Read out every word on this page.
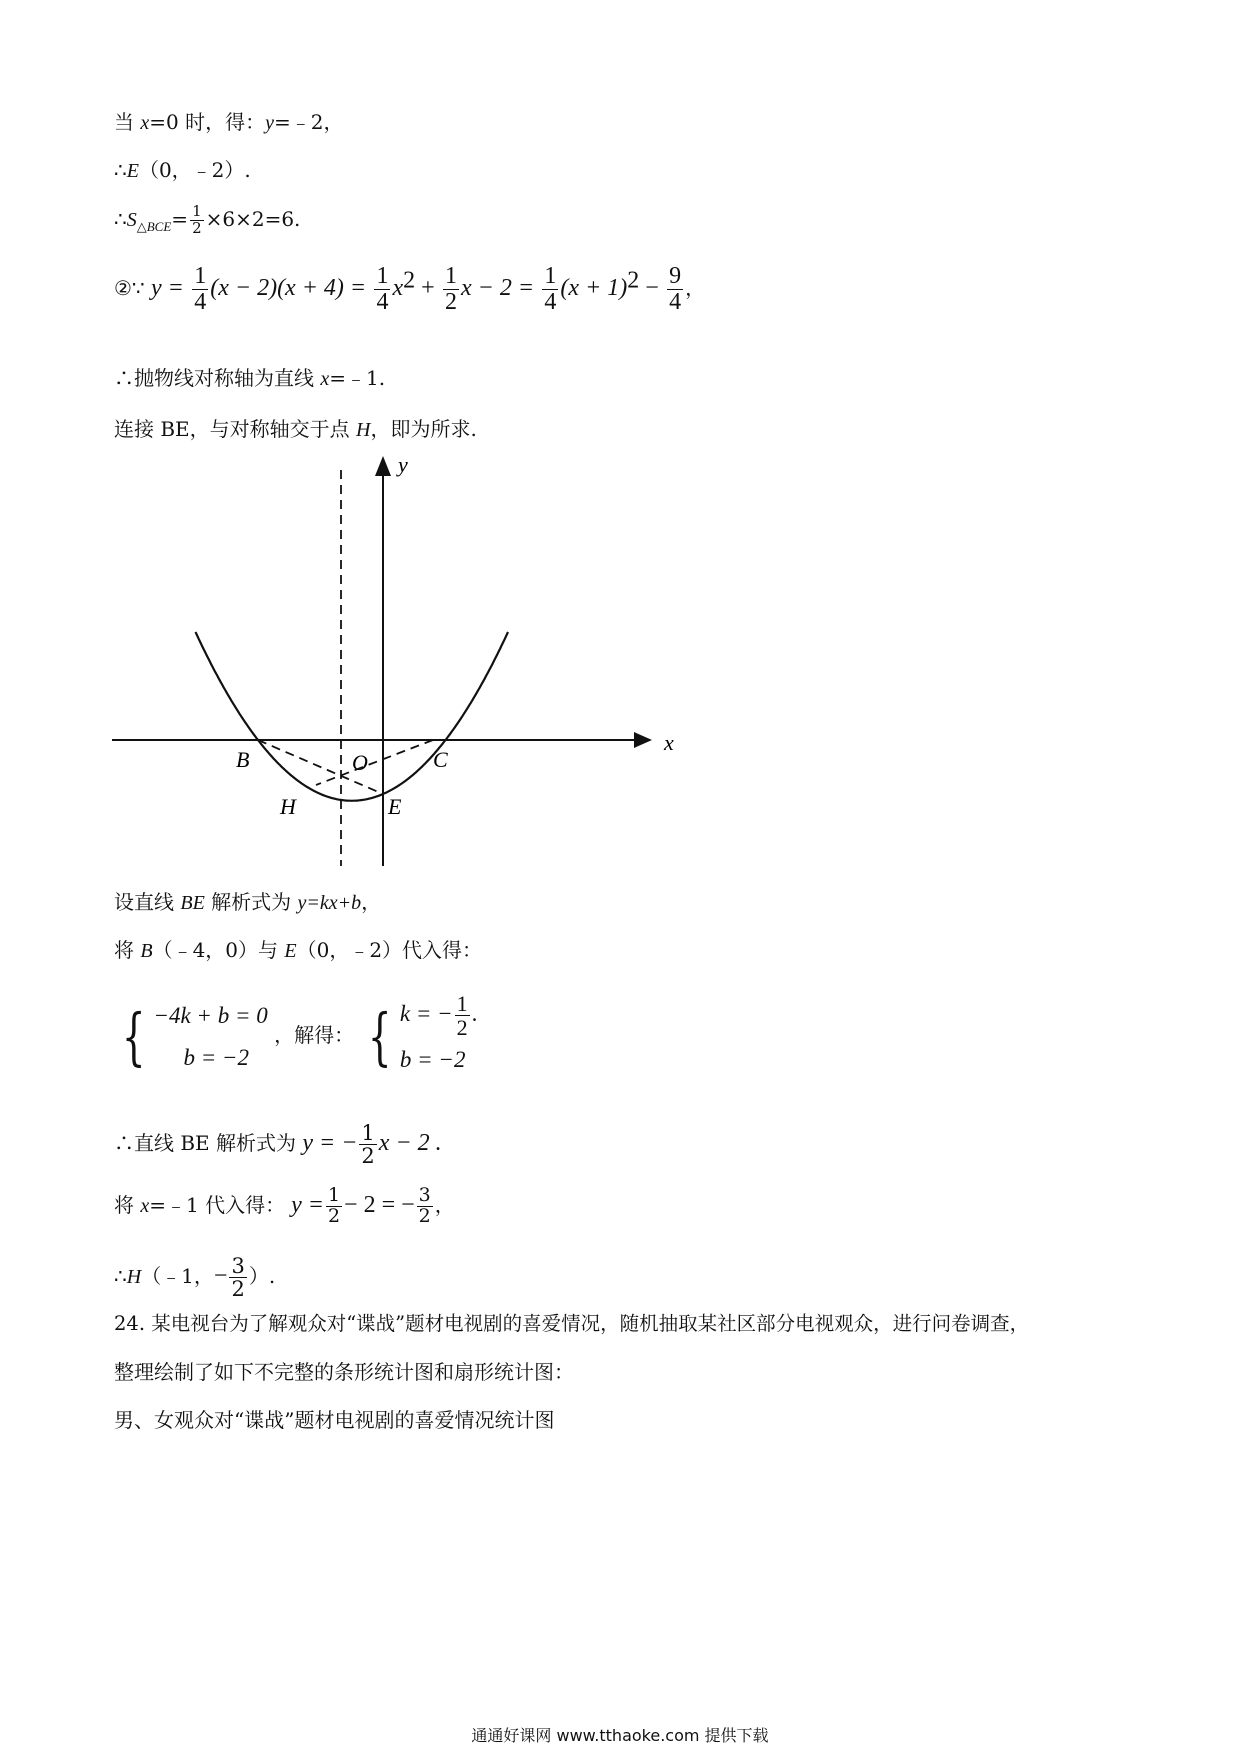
当 x=0 时，得：y=﹣2，
∴E（0，﹣2）.
$\therefore S_{\triangle BCE}= \frac{1}{2} \times 6\times 2=6$.
②∵ $y = \frac{1}{4} (x - 2)(x + 4) = \frac{1}{4} x^2 + \frac{1}{2}$ $x - 2 = \frac{1}{4} (x + 1)^2 - \frac{9}{4}$ ，
∴抛物线对称轴为直线 x=﹣1.
连接 BE，与对称轴交于点 H，即为所求.
x
y
B	C
O
H	E
设直线 BE 解析式为 y=kx+b，
将 B（﹣4，0）与 E（0，﹣2）代入得：
{ −4k + b = 0
b = −2
，解得： { k = − $\frac{1}{2}$ .
b = −2
∴直线 BE 解析式为 y = − $\frac{1}{2}$ x − 2 .
将 x=﹣1 代入得： $y = \frac{1}{2} - 2$ = − $\frac{3}{2}$ ，
∴H（﹣1，− $\frac{3}{2}$ ）.
24. 某电视台为了解观众对“谍战”题材电视剧的喜爱情况，随机抽取某社区部分电视观众，进行问卷调查，
整理绘制了如下不完整的条形统计图和扇形统计图：
男、女观众对“谍战”题材电视剧的喜爱情况统计图
通通好课网 www.tthaoke.com 提供下载
